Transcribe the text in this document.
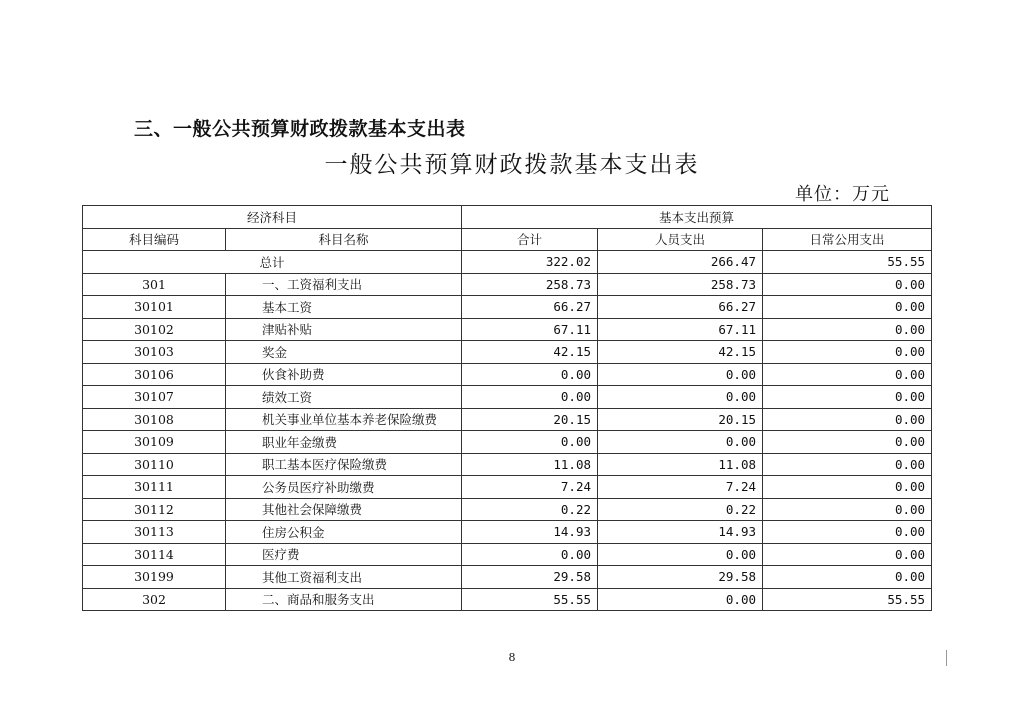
三、一般公共预算财政拨款基本支出表
一般公共预算财政拨款基本支出表
单位：万元
经济科目		基本支出预算		
科目编码	科目名称	合计	人员支出	日常公用支出
总计		322.02	266.47	55.55
301	一、工资福利支出	258.73	258.73	0.00
30101	基本工资	66.27	66.27	0.00
30102	津贴补贴	67.11	67.11	0.00
30103	奖金	42.15	42.15	0.00
30106	伙食补助费	0.00	0.00	0.00
30107	绩效工资	0.00	0.00	0.00
30108	机关事业单位基本养老保险缴费	20.15	20.15	0.00
30109	职业年金缴费	0.00	0.00	0.00
30110	职工基本医疗保险缴费	11.08	11.08	0.00
30111	公务员医疗补助缴费	7.24	7.24	0.00
30112	其他社会保障缴费	0.22	0.22	0.00
30113	住房公积金	14.93	14.93	0.00
30114	医疗费	0.00	0.00	0.00
30199	其他工资福利支出	29.58	29.58	0.00
302	二、商品和服务支出	55.55	0.00	55.55
8
